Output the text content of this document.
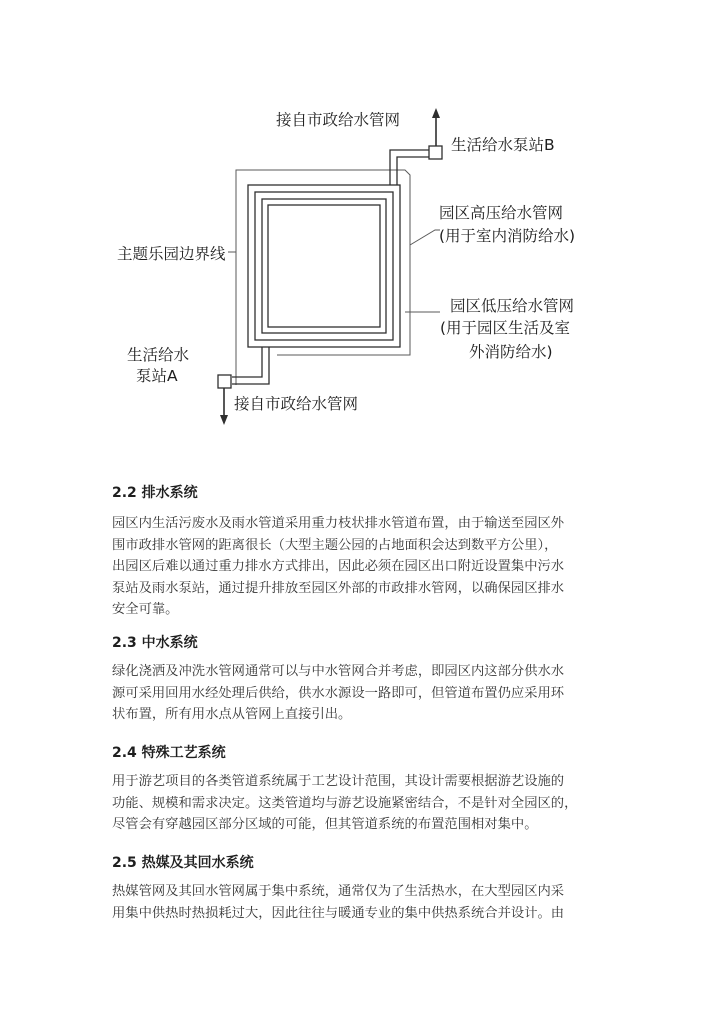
接自市政给水管网
生活给水泵站B
园区高压给水管网
(用于室内消防给水)
主题乐园边界线
园区低压给水管网
(用于园区生活及室
外消防给水)
生活给水
泵站A
接自市政给水管网
2.2 排水系统
园区内生活污废水及雨水管道采用重力枝状排水管道布置，由于输送至园区外
围市政排水管网的距离很长（大型主题公园的占地面积会达到数平方公里），
出园区后难以通过重力排水方式排出，因此必须在园区出口附近设置集中污水
泵站及雨水泵站，通过提升排放至园区外部的市政排水管网，以确保园区排水
安全可靠。
2.3 中水系统
绿化浇洒及冲洗水管网通常可以与中水管网合并考虑，即园区内这部分供水水
源可采用回用水经处理后供给，供水水源设一路即可，但管道布置仍应采用环
状布置，所有用水点从管网上直接引出。
2.4 特殊工艺系统
用于游艺项目的各类管道系统属于工艺设计范围，其设计需要根据游艺设施的
功能、规模和需求决定。这类管道均与游艺设施紧密结合，不是针对全园区的，
尽管会有穿越园区部分区域的可能，但其管道系统的布置范围相对集中。
2.5 热媒及其回水系统
热媒管网及其回水管网属于集中系统，通常仅为了生活热水，在大型园区内采
用集中供热时热损耗过大，因此往往与暖通专业的集中供热系统合并设计。由
